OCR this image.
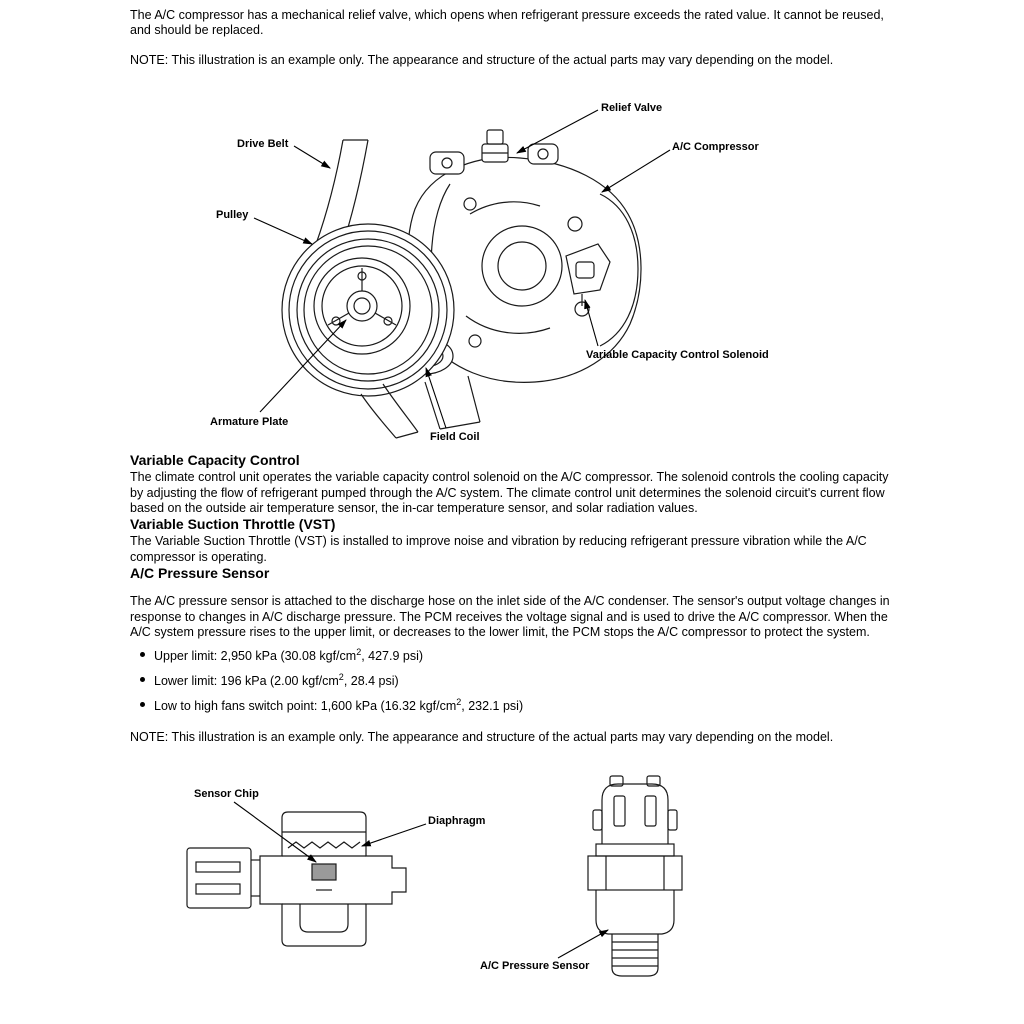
The A/C compressor has a mechanical relief valve, which opens when refrigerant pressure exceeds the rated value. It cannot be reused, and should be replaced.

NOTE: This illustration is an example only. The appearance and structure of the actual parts may vary depending on the model.

Relief Valve
Drive Belt	A/C Compressor
Pulley
Variable Capacity Control Solenoid
Armature Plate
Field Coil
Variable Capacity Control

The climate control unit operates the variable capacity control solenoid on the A/C compressor. The solenoid controls the cooling capacity by adjusting the flow of refrigerant pumped through the A/C system. The climate control unit determines the solenoid circuit's current flow based on the outside air temperature sensor, the in-car temperature sensor, and solar radiation values.

Variable Suction Throttle (VST)

The Variable Suction Throttle (VST) is installed to improve noise and vibration by reducing refrigerant pressure vibration while the A/C compressor is operating.

A/C Pressure Sensor

The A/C pressure sensor is attached to the discharge hose on the inlet side of the A/C condenser. The sensor's output voltage changes in response to changes in A/C discharge pressure. The PCM receives the voltage signal and is used to drive the A/C compressor. When the A/C system pressure rises to the upper limit, or decreases to the lower limit, the PCM stops the A/C compressor to protect the system.

Upper limit: 2,950 kPa (30.08 kgf/$cm^2$, 427.9 psi)
Lower limit: 196 kPa (2.00 kgf/$cm^2$, 28.4 psi)
Low to high fans switch point: 1,600 kPa (16.32 kgf/$cm^2$, 232.1 psi)

NOTE: This illustration is an example only. The appearance and structure of the actual parts may vary depending on the model.

Sensor Chip
Diaphragm
A/C Pressure Sensor
